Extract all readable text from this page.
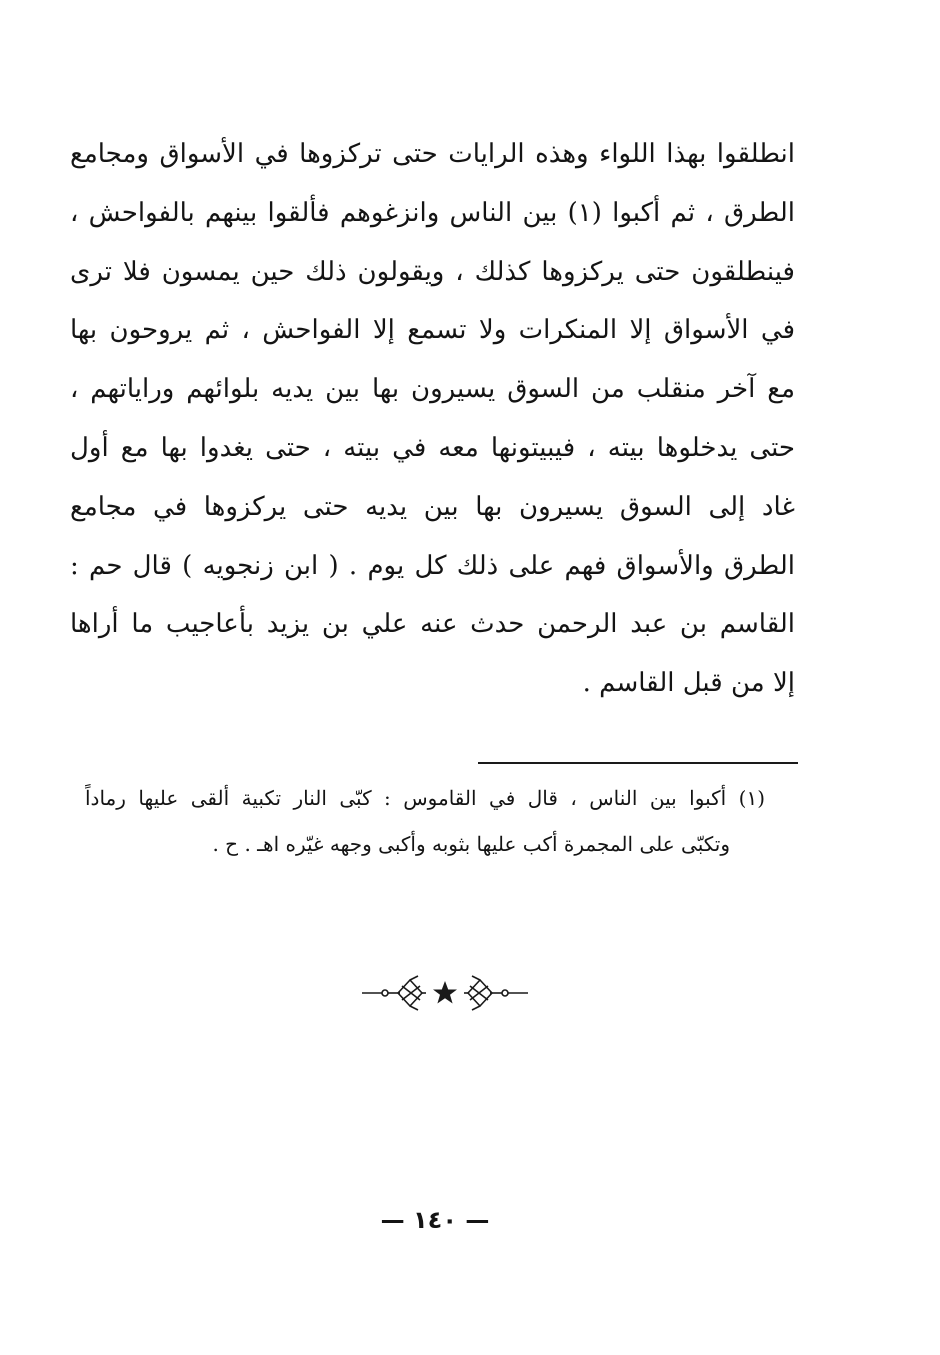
انطلقوا بهذا اللواء وهذه الرايات حتى تركزوها في الأسواق ومجامع
الطرق ، ثم أكبوا (١) بين الناس وانزغوهم فألقوا بينهم بالفواحش ،
فينطلقون حتى يركزوها كذلك ، ويقولون ذلك حين يمسون فلا ترى
في الأسواق إلا المنكرات ولا تسمع إلا الفواحش ، ثم يروحون بها
مع آخر منقلب من السوق يسيرون بها بين يديه بلوائهم وراياتهم ،
حتى يدخلوها بيته ، فيبيتونها معه في بيته ، حتى يغدوا بها مع أول
غاد إلى السوق يسيرون بها بين يديه حتى يركزوها في مجامع
الطرق والأسواق فهم على ذلك كل يوم . ( ابن زنجويه ) قال حم :
القاسم بن عبد الرحمن حدث عنه علي بن يزيد بأعاجيب ما أراها
إلا من قبل القاسم .
(١) أكبوا بين الناس ، قال في القاموس : كبّى النار تكبية ألقى عليها رماداً
وتكبّى على المجمرة أكب عليها بثوبه وأكبى وجهه غيّره اهـ . ح .
— ١٤٠ —
